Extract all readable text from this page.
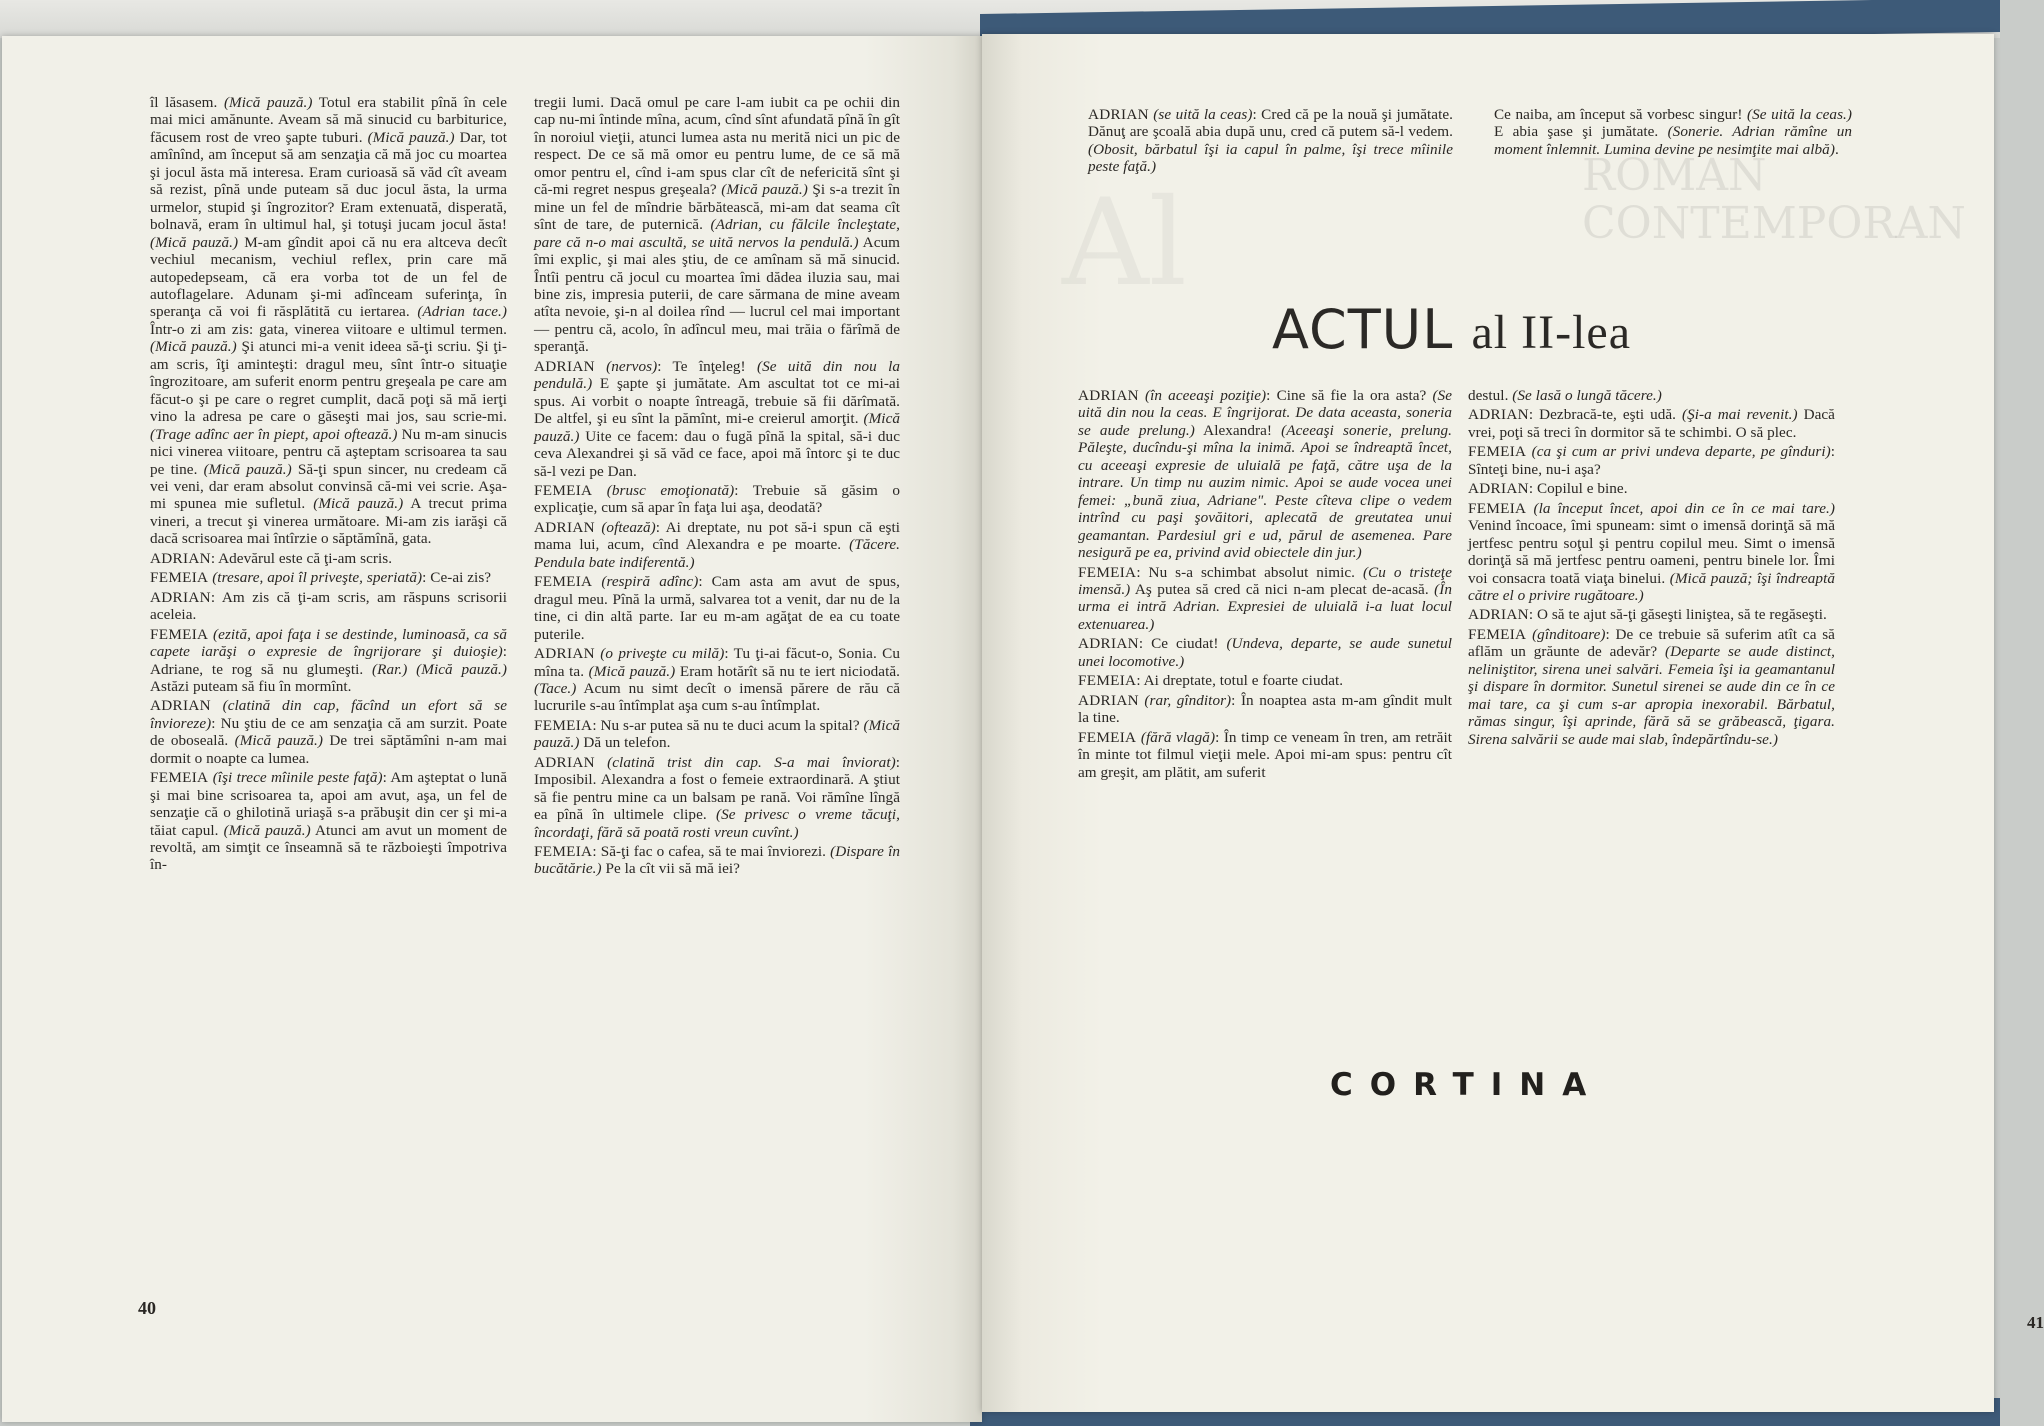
îl lăsasem. (Mică pauză.) Totul era stabilit pînă în cele mai mici amănunte. Aveam să mă sinucid cu barbiturice, făcusem rost de vreo şapte tuburi. (Mică pauză.) Dar, tot amînînd, am început să am senzaţia că mă joc cu moartea şi jocul ăsta mă interesa. Eram curioasă să văd cît aveam să rezist, pînă unde puteam să duc jocul ăsta, la urma urmelor, stupid şi îngrozitor? Eram extenuată, disperată, bolnavă, eram în ultimul hal, şi totuşi jucam jocul ăsta! (Mică pauză.) M-am gîndit apoi că nu era altceva decît vechiul mecanism, vechiul reflex, prin care mă autopedepseam, că era vorba tot de un fel de autoflagelare. Adunam şi-mi adînceam suferinţa, în speranţa că voi fi răsplătită cu iertarea. (Adrian tace.) Într-o zi am zis: gata, vinerea viitoare e ultimul termen. (Mică pauză.) Şi atunci mi-a venit ideea să-ţi scriu. Şi ţi-am scris, îţi aminteşti: dragul meu, sînt într-o situaţie îngrozitoare, am suferit enorm pentru greşeala pe care am făcut-o şi pe care o regret cumplit, dacă poţi să mă ierţi vino la adresa pe care o găseşti mai jos, sau scrie-mi. (Trage adînc aer în piept, apoi oftează.) Nu m-am sinucis nici vinerea viitoare, pentru că aşteptam scrisoarea ta sau pe tine. (Mică pauză.) Să-ţi spun sincer, nu credeam că vei veni, dar eram absolut convinsă că-mi vei scrie. Aşa-mi spunea mie sufletul. (Mică pauză.) A trecut prima vineri, a trecut şi vinerea următoare. Mi-am zis iarăşi că dacă scrisoarea mai întîrzie o săptămînă, gata.

ADRIAN: Adevărul este că ţi-am scris.

FEMEIA (tresare, apoi îl priveşte, speriată): Ce-ai zis?

ADRIAN: Am zis că ţi-am scris, am răspuns scrisorii aceleia.

FEMEIA (ezită, apoi faţa i se destinde, luminoasă, ca să capete iarăşi o expresie de îngrijorare şi duioşie): Adriane, te rog să nu glumeşti. (Rar.) (Mică pauză.) Astăzi puteam să fiu în mormînt.

ADRIAN (clatină din cap, făcînd un efort să se înviorеze): Nu ştiu de ce am senzaţia că am surzit. Poate de oboseală. (Mică pauză.) De trei săptămîni n-am mai dormit o noapte ca lumea.

FEMEIA (îşi trece mîinile peste faţă): Am aşteptat o lună şi mai bine scrisoarea ta, apoi am avut, aşa, un fel de senzaţie că o ghilotină uriaşă s-a prăbuşit din cer şi mi-a tăiat capul. (Mică pauză.) Atunci am avut un moment de revoltă, am simţit ce înseamnă să te războieşti împotriva în-

tregii lumi. Dacă omul pe care l-am iubit ca pe ochii din cap nu-mi întinde mîna, acum, cînd sînt afundată pînă în gît în noroiul vieţii, atunci lumea asta nu merită nici un pic de respect. De ce să mă omor eu pentru lume, de ce să mă omor pentru el, cînd i-am spus clar cît de nefericită sînt şi că-mi regret nespus greşeala? (Mică pauză.) Şi s-a trezit în mine un fel de mîndrie bărbătească, mi-am dat seama cît sînt de tare, de puternică. (Adrian, cu fălcile încleştate, pare că n-o mai ascultă, se uită nervos la pendulă.) Acum îmi explic, şi mai ales ştiu, de ce amînam să mă sinucid. Întîi pentru că jocul cu moartea îmi dădea iluzia sau, mai bine zis, impresia puterii, de care sărmana de mine aveam atîta nevoie, şi-n al doilea rînd — lucrul cel mai important — pentru că, acolo, în adîncul meu, mai trăia o fărîmă de speranţă.

ADRIAN (nervos): Te înţeleg! (Se uită din nou la pendulă.) E şapte şi jumătate. Am ascultat tot ce mi-ai spus. Ai vorbit o noapte întreagă, trebuie să fii dărîmată. De altfel, şi eu sînt la pămînt, mi-e creierul amorţit. (Mică pauză.) Uite ce facem: dau o fugă pînă la spital, să-i duc ceva Alexandrei şi să văd ce face, apoi mă întorc şi te duc să-l vezi pe Dan.

FEMEIA (brusc emoţionată): Trebuie să găsim o explicaţie, cum să apar în faţa lui aşa, deodată?

ADRIAN (oftează): Ai dreptate, nu pot să-i spun că eşti mama lui, acum, cînd Alexandra e pe moarte. (Tăcere. Pendula bate indiferentă.)

FEMEIA (respiră adînc): Cam asta am avut de spus, dragul meu. Pînă la urmă, salvarea tot a venit, dar nu de la tine, ci din altă parte. Iar eu m-am agăţat de ea cu toate puterile.

ADRIAN (o priveşte cu milă): Tu ţi-ai făcut-o, Sonia. Cu mîna ta. (Mică pauză.) Eram hotărît să nu te iert niciodată. (Tace.) Acum nu simt decît o imensă părere de rău că lucrurile s-au întîmplat aşa cum s-au întîmplat.

FEMEIA: Nu s-ar putea să nu te duci acum la spital? (Mică pauză.) Dă un telefon.

ADRIAN (clatină trist din cap. S-a mai înviorat): Imposibil. Alexandra a fost o femeie extraordinară. A ştiut să fie pentru mine ca un balsam pe rană. Voi rămîne lîngă ea pînă în ultimele clipe. (Se privesc o vreme tăcuţi, încordaţi, fără să poată rosti vreun cuvînt.)

FEMEIA: Să-ţi fac o cafea, să te mai înviorezi. (Dispare în bucătărie.) Pe la cît vii să mă iei?

40
ROMAN
CONTEMPORAN
Al

ADRIAN (se uită la ceas): Cred că pe la nouă şi jumătate. Dănuţ are şcoală abia după unu, cred că putem să-l vedem. (Obosit, bărbatul îşi ia capul în palme, îşi trece mîinile peste faţă.)

Ce naiba, am început să vorbesc singur! (Se uită la ceas.) E abia şase şi jumătate. (Sonerie. Adrian rămîne un moment înlemnit. Lumina devine pe nesimţite mai albă).

ACTUL al II-lea

ADRIAN (în aceeaşi poziţie): Cine să fie la ora asta? (Se uită din nou la ceas. E îngrijorat. De data aceasta, soneria se aude prelung.) Alexandra! (Aceeaşi sonerie, prelung. Păleşte, ducîndu-şi mîna la inimă. Apoi se îndreaptă încet, cu aceeaşi expresie de uluială pe faţă, către uşa de la intrare. Un timp nu auzim nimic. Apoi se aude vocea unei femei: „bună ziua, Adriane". Peste cîteva clipe o vedem intrînd cu paşi şovăitori, aplecată de greutatea unui geamantan. Pardesiul gri e ud, părul de asemenea. Pare nesigură pe ea, privind avid obiectele din jur.)

FEMEIA: Nu s-a schimbat absolut nimic. (Cu o tristeţe imensă.) Aş putea să cred că nici n-am plecat de-acasă. (În urma ei intră Adrian. Expresiei de uluială i-a luat locul extenuarea.)

ADRIAN: Ce ciudat! (Undeva, departe, se aude sunetul unei locomotive.)

FEMEIA: Ai dreptate, totul e foarte ciudat.

ADRIAN (rar, gînditor): În noaptea asta m-am gîndit mult la tine.

FEMEIA (fără vlagă): În timp ce veneam în tren, am retrăit în minte tot filmul vieţii mele. Apoi mi-am spus: pentru cît am greşit, am plătit, am suferit

destul. (Se lasă o lungă tăcere.)

ADRIAN: Dezbracă-te, eşti udă. (Şi-a mai revenit.) Dacă vrei, poţi să treci în dormitor să te schimbi. O să plec.

FEMEIA (ca şi cum ar privi undeva departe, pe gînduri): Sînteţi bine, nu-i aşa?

ADRIAN: Copilul e bine.

FEMEIA (la început încet, apoi din ce în ce mai tare.) Venind încoace, îmi spuneam: simt o imensă dorinţă să mă jertfesc pentru soţul şi pentru copilul meu. Simt o imensă dorinţă să mă jertfesc pentru oameni, pentru binele lor. Îmi voi consacra toată viaţa binelui. (Mică pauză; îşi îndreaptă către el o privire rugătoare.)

ADRIAN: O să te ajut să-ţi găseşti liniştea, să te regăseşti.

FEMEIA (gînditoare): De ce trebuie să suferim atît ca să aflăm un grăunte de adevăr? (Departe se aude distinct, neliniştitor, sirena unei salvări. Femeia îşi ia geamantanul şi dispare în dormitor. Sunetul sirenei se aude din ce în ce mai tare, ca şi cum s-ar apropia inexorabil. Bărbatul, rămas singur, îşi aprinde, fără să se grăbească, ţigara. Sirena salvării se aude mai slab, îndepărtîndu-se.)

CORTINA
41
